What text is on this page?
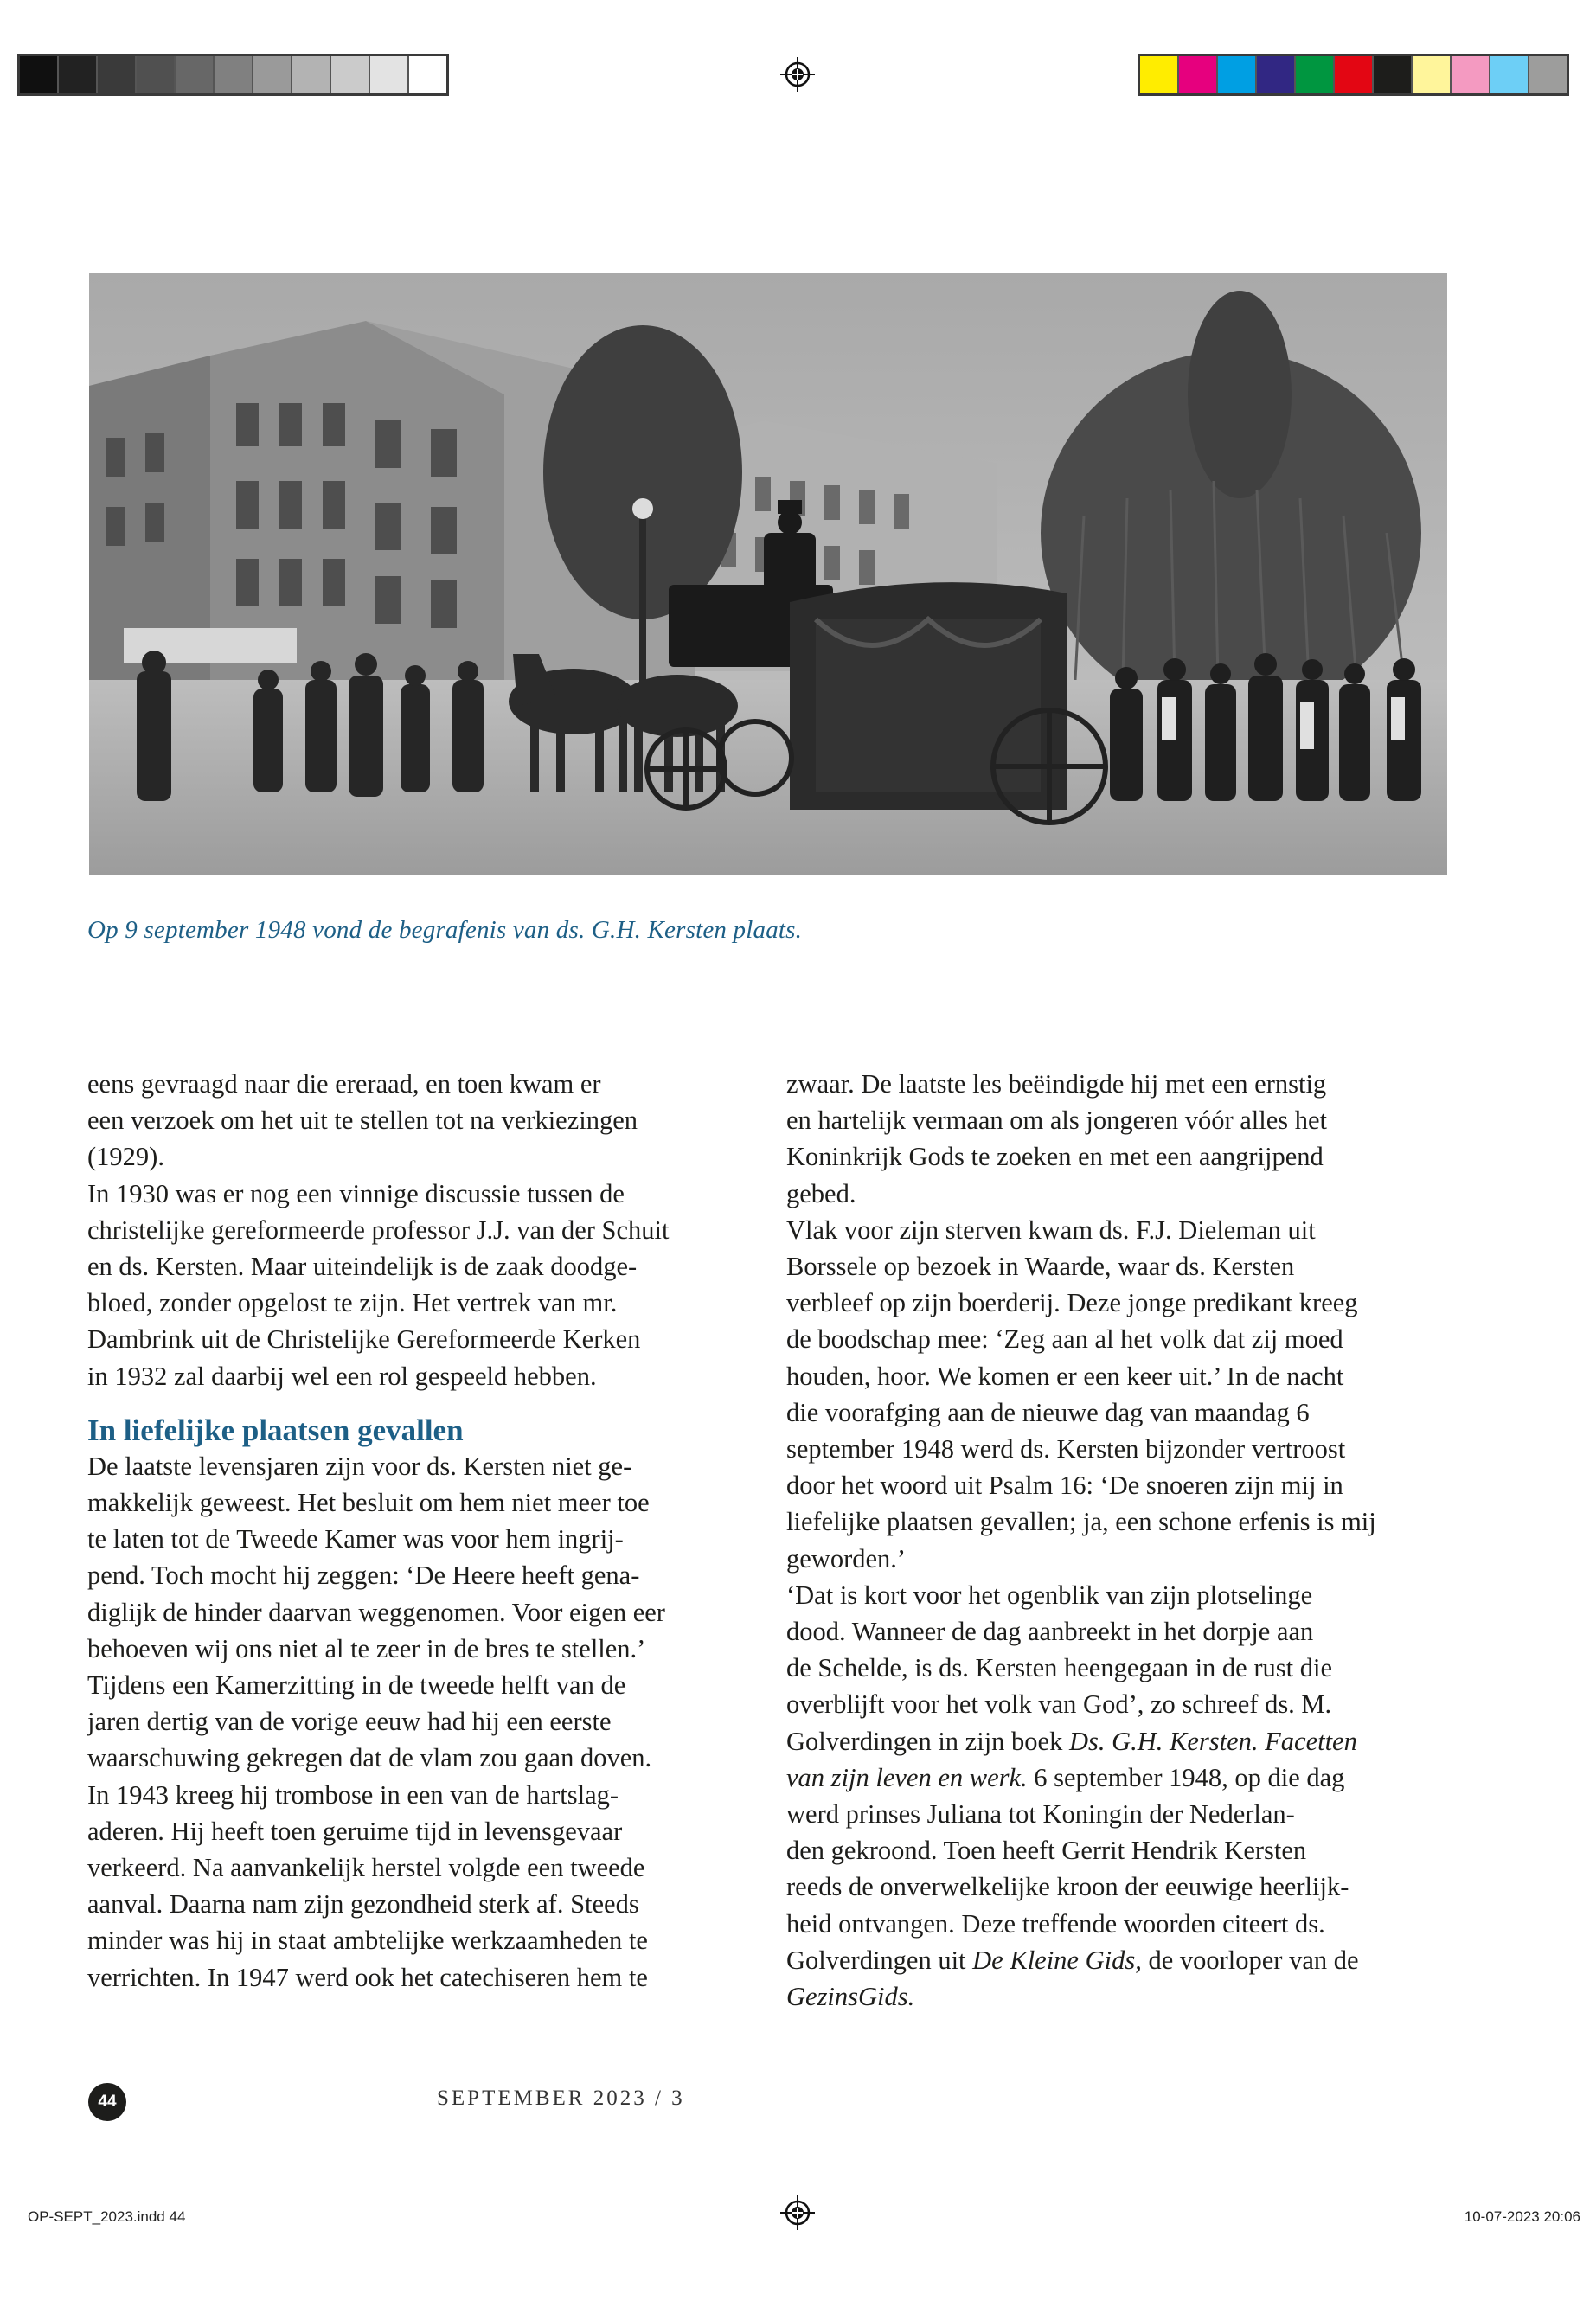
Op 9 september 1948 vond de begrafenis van ds. G.H. Kersten plaats.
eens gevraagd naar die ereraad, en toen kwam er
een verzoek om het uit te stellen tot na verkiezingen
(1929).
In 1930 was er nog een vinnige discussie tussen de
christelijke gereformeerde professor J.J. van der Schuit
en ds. Kersten. Maar uiteindelijk is de zaak doodge-
bloed, zonder opgelost te zijn. Het vertrek van mr.
Dambrink uit de Christelijke Gereformeerde Kerken
in 1932 zal daarbij wel een rol gespeeld hebben.
In liefelijke plaatsen gevallen
De laatste levensjaren zijn voor ds. Kersten niet ge-
makkelijk geweest. Het besluit om hem niet meer toe
te laten tot de Tweede Kamer was voor hem ingrij-
pend. Toch mocht hij zeggen: ‘De Heere heeft gena-
diglijk de hinder daarvan weggenomen. Voor eigen eer
behoeven wij ons niet al te zeer in de bres te stellen.’
Tijdens een Kamerzitting in de tweede helft van de
jaren dertig van de vorige eeuw had hij een eerste
waarschuwing gekregen dat de vlam zou gaan doven.
In 1943 kreeg hij trombose in een van de hartslag-
aderen. Hij heeft toen geruime tijd in levensgevaar
verkeerd. Na aanvankelijk herstel volgde een tweede
aanval. Daarna nam zijn gezondheid sterk af. Steeds
minder was hij in staat ambtelijke werkzaamheden te
verrichten. In 1947 werd ook het catechiseren hem te
zwaar. De laatste les beëindigde hij met een ernstig
en hartelijk vermaan om als jongeren vóór alles het
Koninkrijk Gods te zoeken en met een aangrijpend
gebed.
Vlak voor zijn sterven kwam ds. F.J. Dieleman uit
Borssele op bezoek in Waarde, waar ds. Kersten
verbleef op zijn boerderij. Deze jonge predikant kreeg
de boodschap mee: ‘Zeg aan al het volk dat zij moed
houden, hoor. We komen er een keer uit.’ In de nacht
die voorafging aan de nieuwe dag van maandag 6
september 1948 werd ds. Kersten bijzonder vertroost
door het woord uit Psalm 16: ‘De snoeren zijn mij in
liefelijke plaatsen gevallen; ja, een schone erfenis is mij
geworden.’
‘Dat is kort voor het ogenblik van zijn plotselinge
dood. Wanneer de dag aanbreekt in het dorpje aan
de Schelde, is ds. Kersten heengegaan in de rust die
overblijft voor het volk van God’, zo schreef ds. M.
Golverdingen in zijn boek Ds. G.H. Kersten. Facetten
van zijn leven en werk. 6 september 1948, op die dag
werd prinses Juliana tot Koningin der Nederlan-
den gekroond. Toen heeft Gerrit Hendrik Kersten
reeds de onverwelkelijke kroon der eeuwige heerlijk-
heid ontvangen. Deze treffende woorden citeert ds.
Golverdingen uit De Kleine Gids, de voorloper van de
GezinsGids.
44	SEPTEMBER 2023 / 3
OP-SEPT_2023.indd 44	10-07-2023 20:06
